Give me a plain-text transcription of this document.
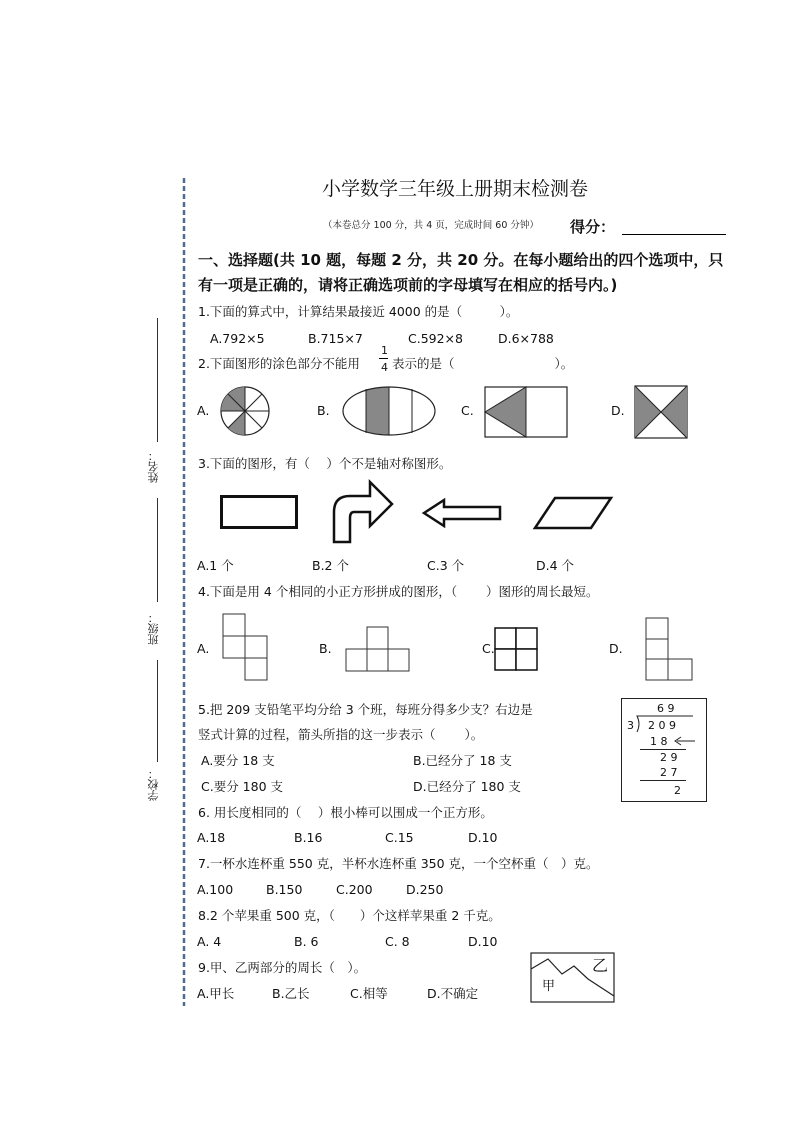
姓名：
班级：
学校：
小学数学三年级上册期末检测卷
（本卷总分 100 分，共 4 页，完成时间 60 分钟） 得分：
一、选择题(共 10 题，每题 2 分，共 20 分。在每小题给出的四个选项中，只
有一项是正确的，请将正确选项前的字母填写在相应的括号内。)
1.下面的算式中，计算结果最接近 4000 的是（　　　）。
A.792×5	B.715×7	C.592×8	D.6×788
2.下面图形的涂色部分不能用
1
4 表示的是（　　　　　　　　）。
A.	B.	C.	D.
3.下面的图形，有（　 ）个不是轴对称图形。
A.1 个	B.2 个	C.3 个	D.4 个
4.下面是用 4 个相同的小正方形拼成的图形，（　　 ）图形的周长最短。
A.	B.	C.	D.
5.把 209 支铅笔平均分给 3 个班，每班分得多少支？右边是
竖式计算的过程，箭头所指的这一步表示（　　 ）。
A.要分 18 支	B.已经分了 18 支
C.要分 180 支	D.已经分了 180 支
6 9
3 2 0 9
1 8
2 9
2 7
2
6. 用长度相同的（　 ）根小棒可以围成一个正方形。
A.18	B.16	C.15	D.10
7.一杯水连杯重 550 克，半杯水连杯重 350 克，一个空杯重（　）克。
A.100	B.150	C.200	D.250
8.2 个苹果重 500 克，（　　）个这样苹果重 2 千克。
A. 4	B. 6	C. 8	D.10
9.甲、乙两部分的周长（　）。
A.甲长	B.乙长	C.相等	D.不确定	甲
乙
